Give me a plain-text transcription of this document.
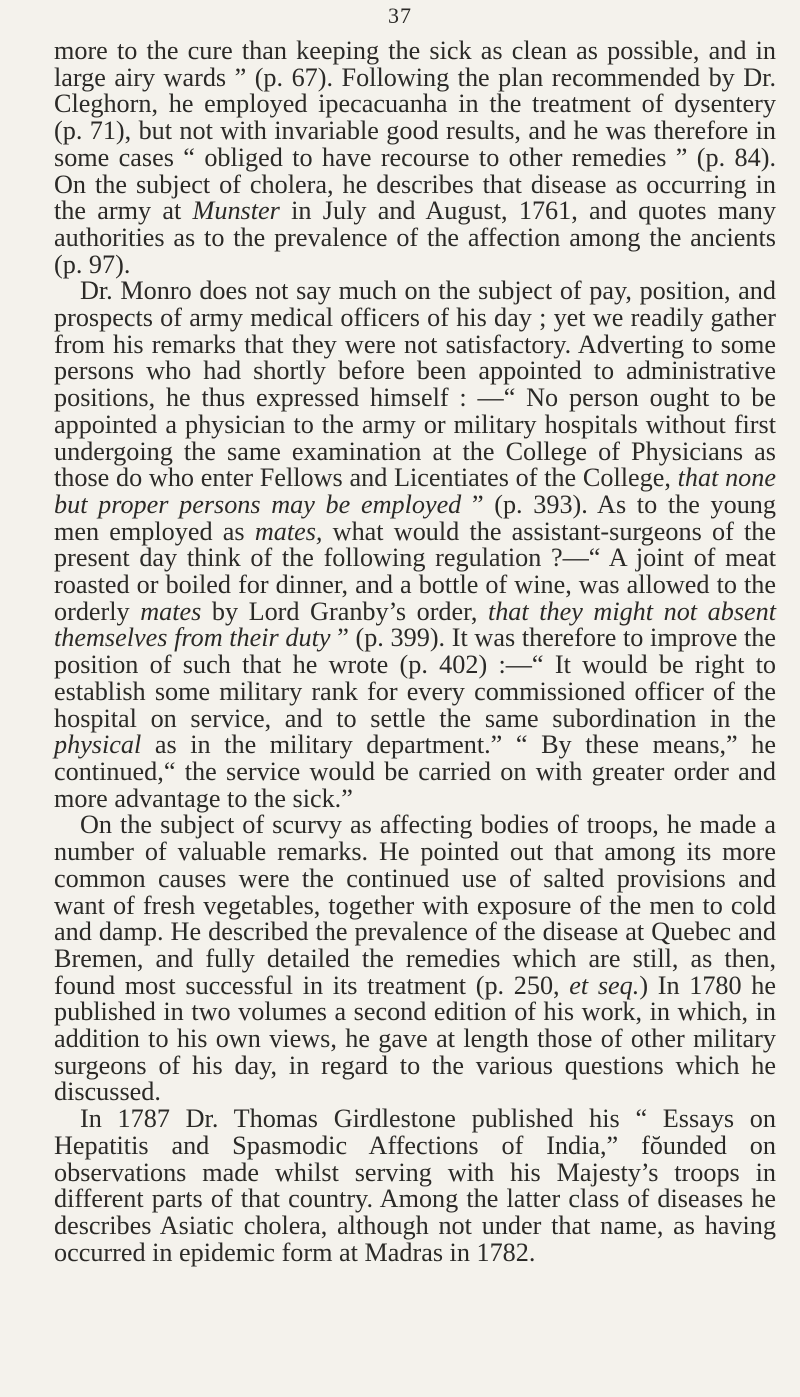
37

more to the cure than keeping the sick as clean as possible, and in large airy wards ” (p. 67). Following the plan recommended by Dr. Cleghorn, he employed ipecacuanha in the treatment of dysentery (p. 71), but not with invariable good results, and he was therefore in some cases “ obliged to have recourse to other remedies ” (p. 84). On the subject of cholera, he describes that disease as occurring in the army at Munster in July and August, 1761, and quotes many authorities as to the prevalence of the affection among the ancients (p. 97).

Dr. Monro does not say much on the subject of pay, position, and prospects of army medical officers of his day ; yet we readily gather from his remarks that they were not satisfactory. Adverting to some persons who had shortly before been appointed to administrative positions, he thus expressed himself : —“ No person ought to be appointed a physician to the army or military hospitals without first undergoing the same examination at the College of Physicians as those do who enter Fellows and Licentiates of the College, that none but proper persons may be employed ” (p. 393). As to the young men employed as mates, what would the assistant-surgeons of the present day think of the following regulation ?—“ A joint of meat roasted or boiled for dinner, and a bottle of wine, was allowed to the orderly mates by Lord Granby’s order, that they might not absent themselves from their duty ” (p. 399). It was therefore to improve the position of such that he wrote (p. 402) :—“ It would be right to establish some military rank for every commissioned officer of the hospital on service, and to settle the same subordination in the physical as in the military department.” “ By these means,” he continued,“ the service would be carried on with greater order and more advantage to the sick.”

On the subject of scurvy as affecting bodies of troops, he made a number of valuable remarks. He pointed out that among its more common causes were the continued use of salted provisions and want of fresh vegetables, together with exposure of the men to cold and damp. He described the prevalence of the disease at Quebec and Bremen, and fully detailed the remedies which are still, as then, found most successful in its treatment (p. 250, et seq.) In 1780 he published in two volumes a second edition of his work, in which, in addition to his own views, he gave at length those of other military surgeons of his day, in regard to the various questions which he discussed.

In 1787 Dr. Thomas Girdlestone published his “ Essays on Hepatitis and Spasmodic Affections of India,” fŏunded on observations made whilst serving with his Majesty’s troops in different parts of that country. Among the latter class of diseases he describes Asiatic cholera, although not under that name, as having occurred in epidemic form at Madras in 1782.
